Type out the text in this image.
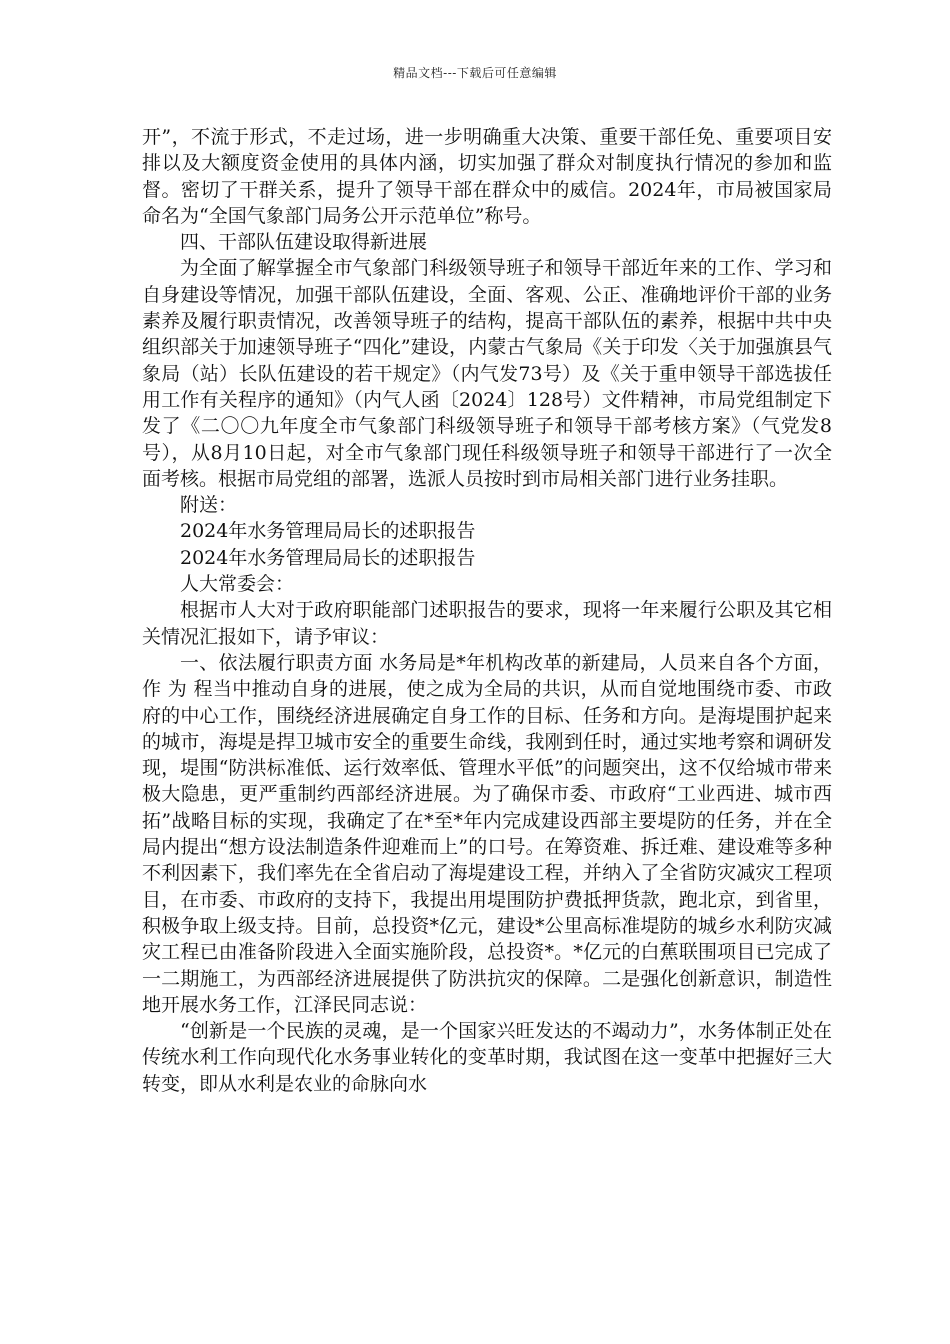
精品文档---下载后可任意编辑

开”，不流于形式，不走过场，进一步明确重大决策、重要干部任免、重要项目安排以及大额度资金使用的具体内涵，切实加强了群众对制度执行情况的参加和监督。密切了干群关系，提升了领导干部在群众中的威信。2024年，市局被国家局命名为“全国气象部门局务公开示范单位”称号。

四、干部队伍建设取得新进展

为全面了解掌握全市气象部门科级领导班子和领导干部近年来的工作、学习和自身建设等情况，加强干部队伍建设，全面、客观、公正、准确地评价干部的业务素养及履行职责情况，改善领导班子的结构，提高干部队伍的素养，根据中共中央组织部关于加速领导班子“四化”建设，内蒙古气象局《关于印发〈关于加强旗县气象局（站）长队伍建设的若干规定》（内气发73号）及《关于重申领导干部选拔任用工作有关程序的通知》（内气人函〔2024〕128号）文件精神，市局党组制定下发了《二〇〇九年度全市气象部门科级领导班子和领导干部考核方案》（气党发8号），从8月10日起，对全市气象部门现任科级领导班子和领导干部进行了一次全面考核。根据市局党组的部署，选派人员按时到市局相关部门进行业务挂职。

附送：

2024年水务管理局局长的述职报告

2024年水务管理局局长的述职报告

人大常委会：

根据市人大对于政府职能部门述职报告的要求，现将一年来履行公职及其它相关情况汇报如下，请予审议：

一、依法履行职责方面 水务局是*年机构改革的新建局，人员来自各个方面，作 为 程当中推动自身的进展，使之成为全局的共识，从而自觉地围绕市委、市政府的中心工作，围绕经济进展确定自身工作的目标、任务和方向。是海堤围护起来的城市，海堤是捍卫城市安全的重要生命线，我刚到任时，通过实地考察和调研发现，堤围“防洪标准低、运行效率低、管理水平低”的问题突出，这不仅给城市带来极大隐患，更严重制约西部经济进展。为了确保市委、市政府“工业西进、城市西拓”战略目标的实现，我确定了在*至*年内完成建设西部主要堤防的任务，并在全局内提出“想方设法制造条件迎难而上”的口号。在筹资难、拆迁难、建设难等多种不利因素下，我们率先在全省启动了海堤建设工程，并纳入了全省防灾减灾工程项目，在市委、市政府的支持下，我提出用堤围防护费抵押货款，跑北京，到省里，积极争取上级支持。目前，总投资*亿元，建设*公里高标准堤防的城乡水利防灾减灾工程已由准备阶段进入全面实施阶段，总投资*。*亿元的白蕉联围项目已完成了一二期施工，为西部经济进展提供了防洪抗灾的保障。二是强化创新意识，制造性地开展水务工作，江泽民同志说：

“创新是一个民族的灵魂，是一个国家兴旺发达的不竭动力”，水务体制正处在传统水利工作向现代化水务事业转化的变革时期，我试图在这一变革中把握好三大转变，即从水利是农业的命脉向水
